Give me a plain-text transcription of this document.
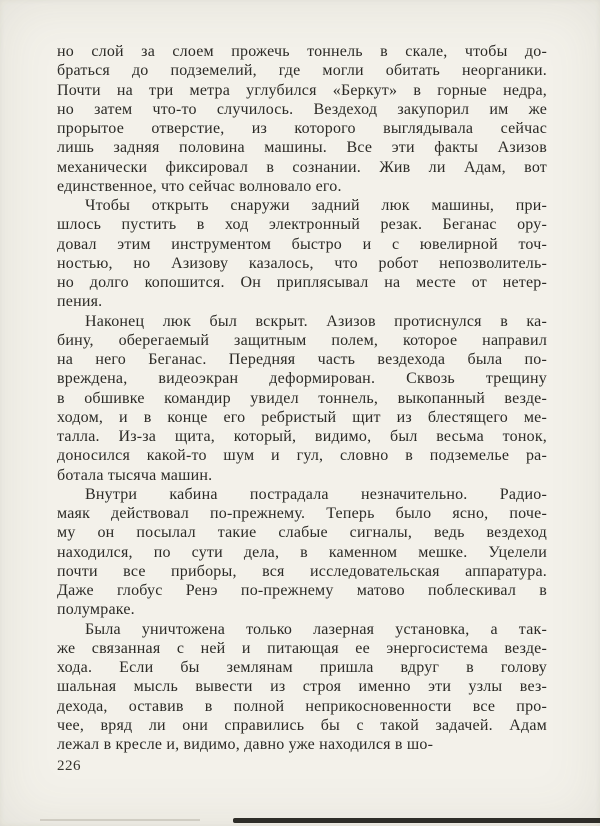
но слой за слоем прожечь тоннель в скале, чтобы до-
браться до подземелий, где могли обитать неорганики.
Почти на три метра углубился «Беркут» в горные недра,
но затем что-то случилось. Вездеход закупорил им же
прорытое отверстие, из которого выглядывала сейчас
лишь задняя половина машины. Все эти факты Азизов
механически фиксировал в сознании. Жив ли Адам, вот
единственное, что сейчас волновало его.
Чтобы открыть снаружи задний люк машины, при-
шлось пустить в ход электронный резак. Беганас ору-
довал этим инструментом быстро и с ювелирной точ-
ностью, но Азизову казалось, что робот непозволитель-
но долго копошится. Он приплясывал на месте от нетер-
пения.
Наконец люк был вскрыт. Азизов протиснулся в ка-
бину, оберегаемый защитным полем, которое направил
на него Беганас. Передняя часть вездехода была по-
вреждена, видеоэкран деформирован. Сквозь трещину
в обшивке командир увидел тоннель, выкопанный везде-
ходом, и в конце его ребристый щит из блестящего ме-
талла. Из-за щита, который, видимо, был весьма тонок,
доносился какой-то шум и гул, словно в подземелье ра-
ботала тысяча машин.
Внутри кабина пострадала незначительно. Радио-
маяк действовал по-прежнему. Теперь было ясно, поче-
му он посылал такие слабые сигналы, ведь вездеход
находился, по сути дела, в каменном мешке. Уцелели
почти все приборы, вся исследовательская аппаратура.
Даже глобус Ренэ по-прежнему матово поблескивал в
полумраке.
Была уничтожена только лазерная установка, а так-
же связанная с ней и питающая ее энергосистема везде-
хода. Если бы землянам пришла вдруг в голову
шальная мысль вывести из строя именно эти узлы вез-
дехода, оставив в полной неприкосновенности все про-
чее, вряд ли они справились бы с такой задачей. Адам
лежал в кресле и, видимо, давно уже находился в шо-
226
